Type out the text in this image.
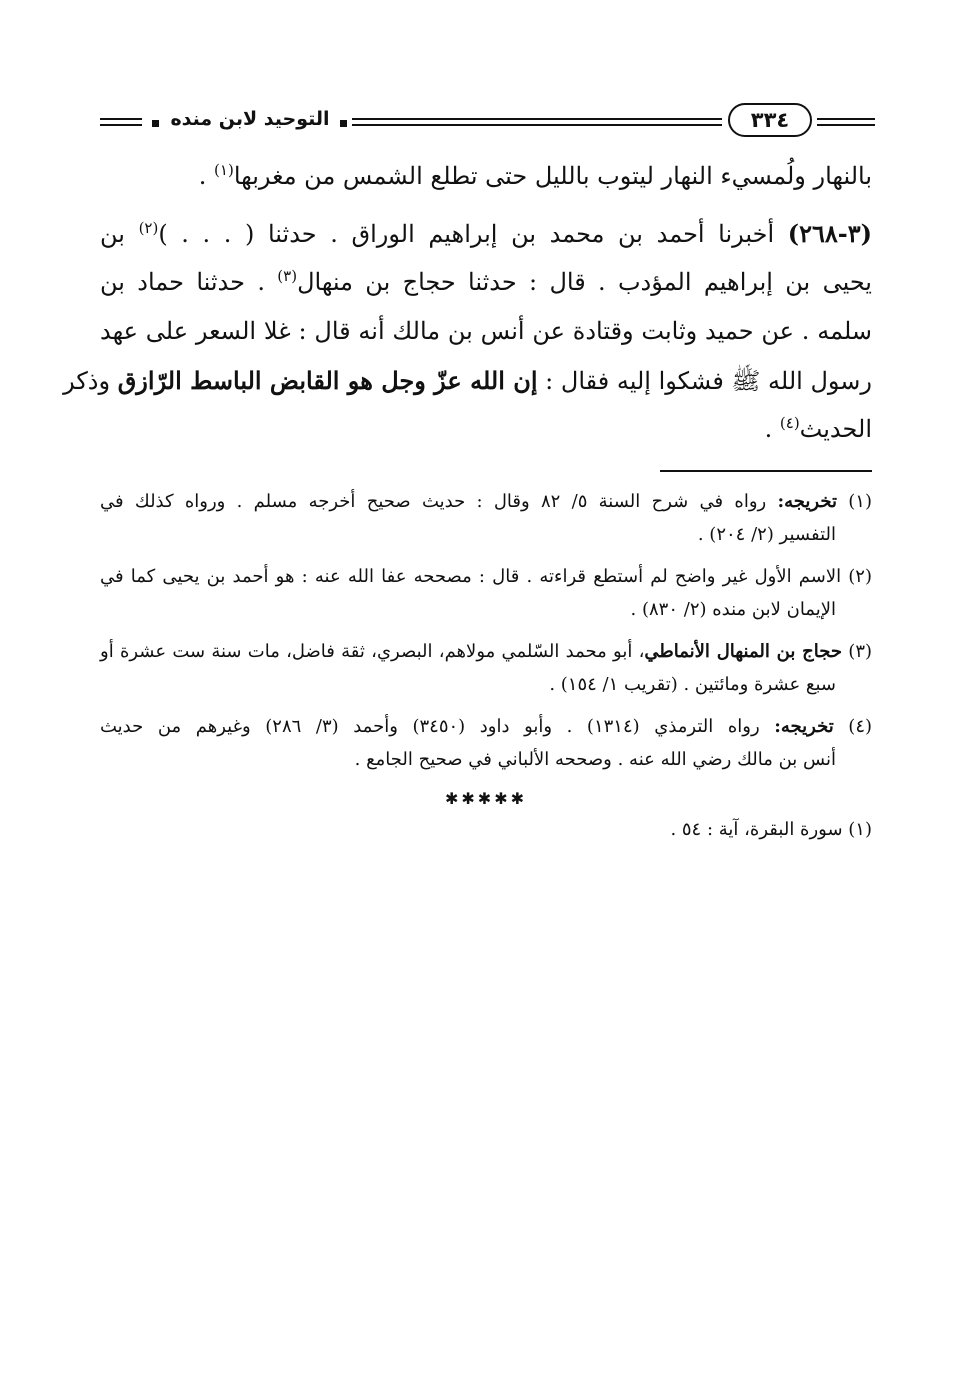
التوحيد لابن منده	٣٣٤
بالنهار ولُمسيء النهار ليتوب بالليل حتى تطلع الشمس من مغربها$^{(١)}$ .
(٣-٢٦٨) أخبرنا أحمد بن محمد بن إبراهيم الوراق . حدثنا ( . . . )$^{(٢)}$ بن
يحيى بن إبراهيم المؤدب . قال : حدثنا حجاج بن منهال$^{(٣)}$ . حدثنا حماد بن
سلمه . عن حميد وثابت وقتادة عن أنس بن مالك أنه قال : غلا السعر على عهد
رسول الله ﷺ فشكوا إليه فقال : إن الله عزّ وجل هو القابض الباسط الرّازق وذكر
الحديث$^{(٤)}$ .
(١) تخريجه: رواه في شرح السنة ٥/ ٨٢ وقال : حديث صحيح أخرجه مسلم . ورواه كذلك في
التفسير (٢/ ٢٠٤) .
(٢) الاسم الأول غير واضح لم أستطع قراءته . قال : مصححه عفا الله عنه : هو أحمد بن يحيى كما في
الإيمان لابن منده (٢/ ٨٣٠) .
(٣) حجاج بن المنهال الأنماطي، أبو محمد السّلمي مولاهم، البصري، ثقة فاضل، مات سنة ست عشرة أو
سبع عشرة ومائتين . (تقريب ١/ ١٥٤) .
(٤) تخريجه: رواه الترمذي (١٣١٤) . وأبو داود (٣٤٥٠) وأحمد (٣/ ٢٨٦) وغيرهم من حديث
أنس بن مالك رضي الله عنه . وصححه الألباني في صحيح الجامع .
✱✱✱✱✱
(١) سورة البقرة، آية : ٥٤ .
